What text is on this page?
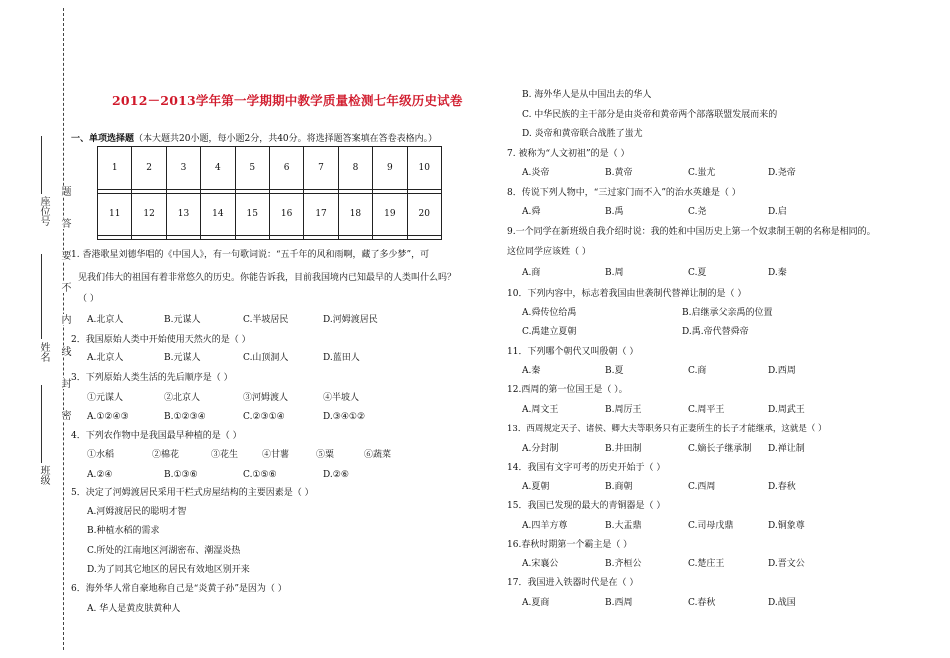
座位号
姓名
班级
题
答
要
不
内
线
封
密
2012－2013学年第一学期期中教学质量检测七年级历史试卷
一、单项选择题（本大题共20小题，每小题2分，共40分。将选择题答案填在答卷表格内。）
1	2	3	4	5	6	7	8	9	10

11	12	13	14	15	16	17	18	19	20

1. 香港歌星刘德华唱的《中国人》，有一句歌词说：“五千年的风和雨啊，藏了多少梦”，可
见我们伟大的祖国有着非常悠久的历史。你能告诉我，目前我国境内已知最早的人类叫什么吗？
（ ）
A.北京人	B.元谋人	C.半坡居民	D.河姆渡居民
2．我国原始人类中开始使用天然火的是（ ）
A.北京人	B.元谋人	C.山顶洞人	D.蓝田人
3．下列原始人类生活的先后顺序是（ ）
①元谋人	②北京人	③河姆渡人	④半坡人
A.①②④③	B.①②③④	C.②③①④	D.③④①②
4．下列农作物中是我国最早种植的是（ ）
①水稻	②棉花	③花生	④甘薯	⑤粟	⑥蔬菜
A.②④	B.①③⑥	C.①⑤⑥	D.②⑥
5．决定了河姆渡居民采用干栏式房屋结构的主要因素是（ ）
A.河姆渡居民的聪明才智
B.种植水稻的需求
C.所处的江南地区河湖密布、潮湿炎热
D.为了同其它地区的居民有效地区别开来
6．海外华人常自豪地称自己是“炎黄子孙”是因为（ ）
A. 华人是黄皮肤黄种人
B. 海外华人是从中国出去的华人
C. 中华民族的主干部分是由炎帝和黄帝两个部落联盟发展而来的
D. 炎帝和黄帝联合战胜了蚩尤
7. 被称为“人文初祖”的是（ ）
A.炎帝	B.黄帝	C.蚩尤	D.尧帝
8．传说下列人物中，“三过家门而不入”的治水英雄是（ ）
A.舜	B.禹	C.尧	D.启
9.一个同学在新班级自我介绍时说：我的姓和中国历史上第一个奴隶制王朝的名称是相同的。
这位同学应该姓（ ）
A.商	B.周	C.夏	D.秦
10．下列内容中，标志着我国由世袭制代替禅让制的是（ ）
A.舜传位给禹	B.启继承父亲禹的位置
C.禹建立夏朝	D.禹.帝代替舜帝
11．下列哪个朝代又叫殷朝（ ）
A.秦	B.夏	C.商	D.西周
12.西周的第一位国王是（ ）。
A.周文王	B.周厉王	C.周平王	D.周武王
13．西周规定天子、诸侯、卿大夫等职务只有正妻所生的长子才能继承，这就是（ ）
A.分封制	B.井田制	C.嫡长子继承制 D.禅让制
14．我国有文字可考的历史开始于（ ）
A.夏朝	B.商朝	C.西周	D.春秋
15．我国已发现的最大的青铜器是（ ）
A.四羊方尊	B.大盂鼎	C.司母戊鼎	D.铜象尊
16.春秋时期第一个霸主是（ ）
A.宋襄公	B.齐桓公	C.楚庄王	D.晋文公
17．我国进入铁器时代是在（ ）
A.夏商	B.西周	C.春秋	D.战国
